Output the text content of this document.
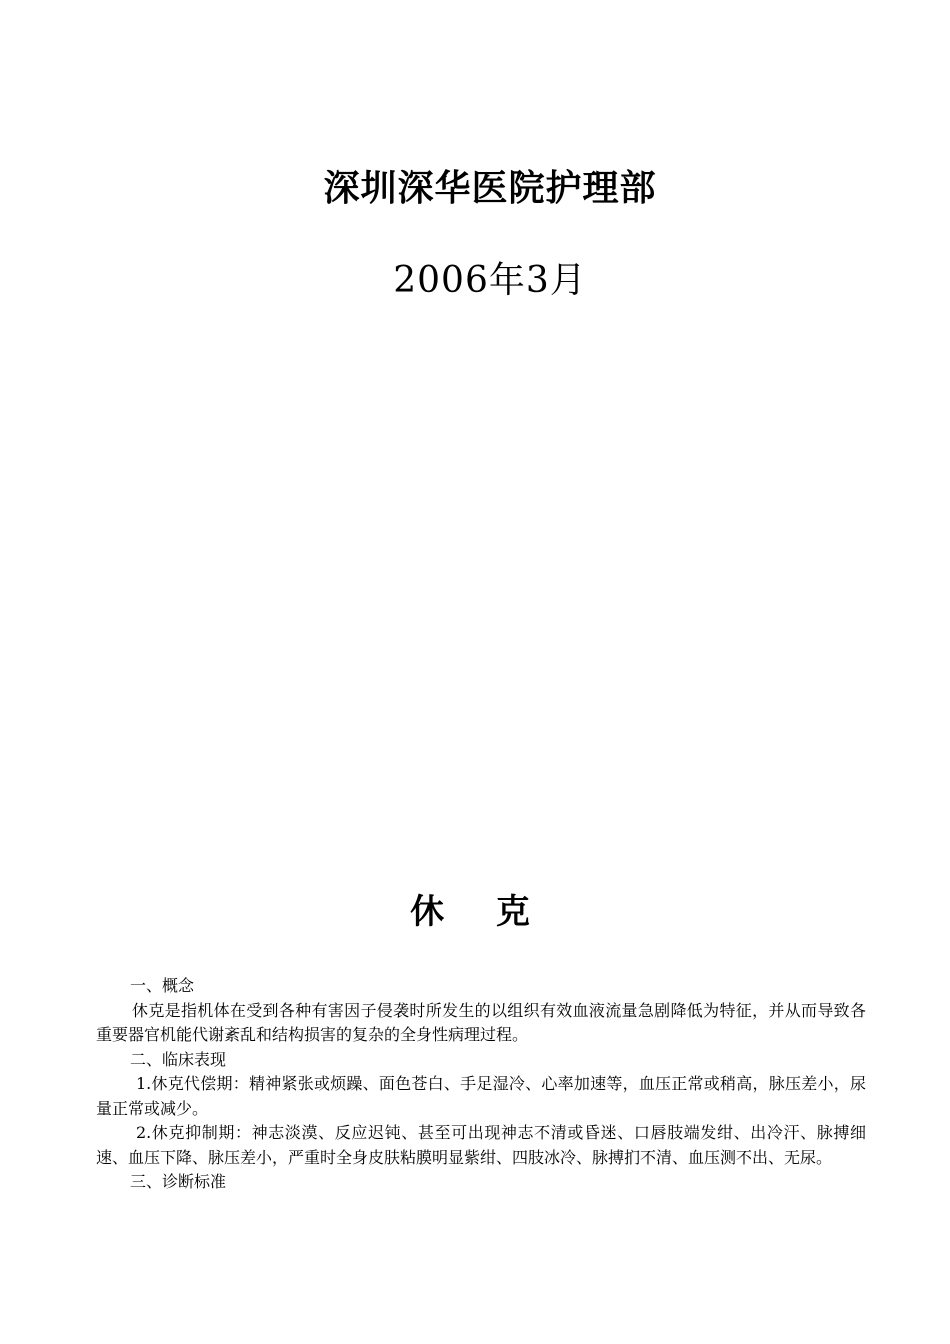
深圳深华医院护理部
2006年3月
休 克

一、概念

休克是指机体在受到各种有害因子侵袭时所发生的以组织有效血液流量急剧降低为特征，并从而导致各重要器官机能代谢紊乱和结构损害的复杂的全身性病理过程。

二、临床表现

1.休克代偿期：精神紧张或烦躁、面色苍白、手足湿冷、心率加速等，血压正常或稍高，脉压差小，尿量正常或减少。

2.休克抑制期：神志淡漠、反应迟钝、甚至可出现神志不清或昏迷、口唇肢端发绀、出冷汗、脉搏细速、血压下降、脉压差小，严重时全身皮肤粘膜明显紫绀、四肢冰冷、脉搏扪不清、血压测不出、无尿。

三、诊断标准
